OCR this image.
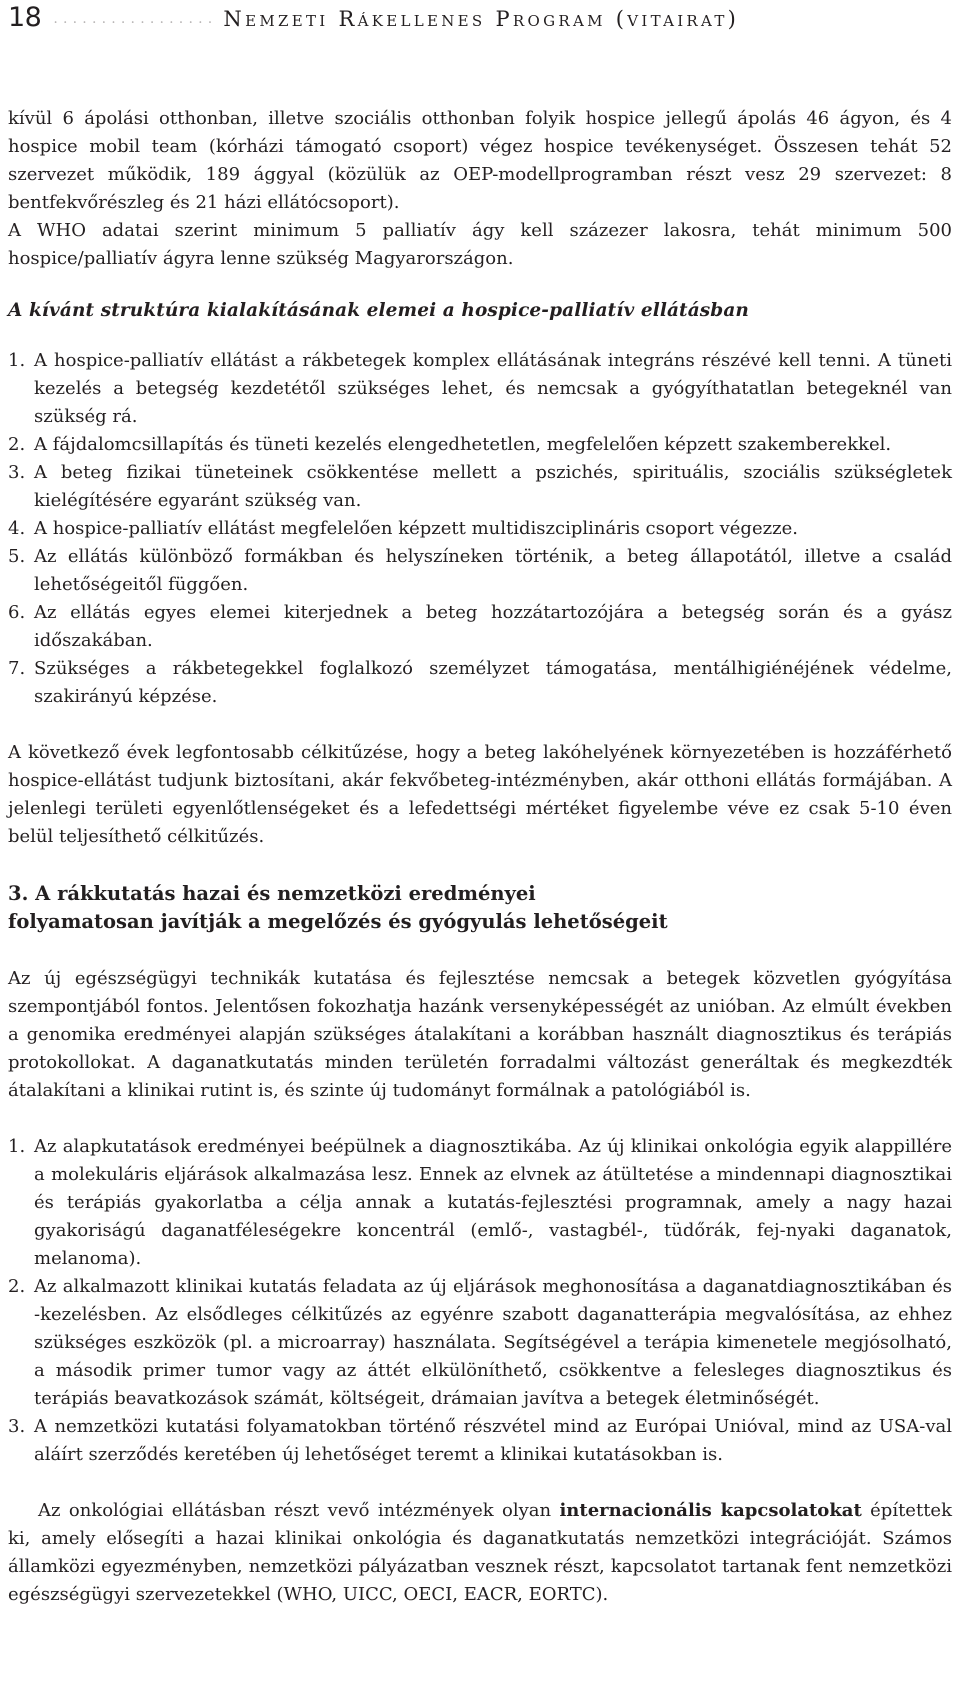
18 ................. Nemzeti Rákellenes Program (vitairat)

kívül 6 ápolási otthonban, illetve szociális otthonban folyik hospice jellegű ápolás 46 ágyon, és 4 hospice mobil team (kórházi támogató csoport) végez hospice tevékenységet. Összesen tehát 52 szervezet működik, 189 ággyal (közülük az OEP-modellprogramban részt vesz 29 szervezet: 8 bentfekvőrészleg és 21 házi ellátócsoport).

A WHO adatai szerint minimum 5 palliatív ágy kell százezer lakosra, tehát minimum 500 hospice/palliatív ágyra lenne szükség Magyarországon.

A kívánt struktúra kialakításának elemei a hospice-palliatív ellátásban
1. A hospice-palliatív ellátást a rákbetegek komplex ellátásának integráns részévé kell tenni. A tüneti kezelés a betegség kezdetétől szükséges lehet, és nemcsak a gyógyíthatatlan betegeknél van szükség rá.
2. A fájdalomcsillapítás és tüneti kezelés elengedhetetlen, megfelelően képzett szakemberekkel.
3. A beteg fizikai tüneteinek csökkentése mellett a pszichés, spirituális, szociális szükségletek kielégítésére egyaránt szükség van.
4. A hospice-palliatív ellátást megfelelően képzett multidiszciplináris csoport végezze.
5. Az ellátás különböző formákban és helyszíneken történik, a beteg állapotától, illetve a család lehetőségeitől függően.
6. Az ellátás egyes elemei kiterjednek a beteg hozzátartozójára a betegség során és a gyász időszakában.
7. Szükséges a rákbetegekkel foglalkozó személyzet támogatása, mentálhigiénéjének védelme, szakirányú képzése.

A következő évek legfontosabb célkitűzése, hogy a beteg lakóhelyének környezetében is hozzáférhető hospice-ellátást tudjunk biztosítani, akár fekvőbeteg-intézményben, akár otthoni ellátás formájában. A jelenlegi területi egyenlőtlenségeket és a lefedettségi mértéket figyelembe véve ez csak 5-10 éven belül teljesíthető célkitűzés.

3. A rákkutatás hazai és nemzetközi eredményei
folyamatosan javítják a megelőzés és gyógyulás lehetőségeit

Az új egészségügyi technikák kutatása és fejlesztése nemcsak a betegek közvetlen gyógyítása szempontjából fontos. Jelentősen fokozhatja hazánk versenyképességét az unióban. Az elmúlt években a genomika eredményei alapján szükséges átalakítani a korábban használt diagnosztikus és terápiás protokollokat. A daganatkutatás minden területén forradalmi változást generáltak és megkezdték átalakítani a klinikai rutint is, és szinte új tudományt formálnak a patológiából is.

1. Az alapkutatások eredményei beépülnek a diagnosztikába. Az új klinikai onkológia egyik alappillére a molekuláris eljárások alkalmazása lesz. Ennek az elvnek az átültetése a mindennapi diagnosztikai és terápiás gyakorlatba a célja annak a kutatás-fejlesztési programnak, amely a nagy hazai gyakoriságú daganatféleségekre koncentrál (emlő-, vastagbél-, tüdőrák, fej-nyaki daganatok, melanoma).
2. Az alkalmazott klinikai kutatás feladata az új eljárások meghonosítása a daganatdiagnosztikában és -kezelésben. Az elsődleges célkitűzés az egyénre szabott daganatterápia megvalósítása, az ehhez szükséges eszközök (pl. a microarray) használata. Segítségével a terápia kimenetele megjósolható, a második primer tumor vagy az áttét elkülöníthető, csökkentve a felesleges diagnosztikus és terápiás beavatkozások számát, költségeit, drámaian javítva a betegek életminőségét.
3. A nemzetközi kutatási folyamatokban történő részvétel mind az Európai Unióval, mind az USA-val aláírt szerződés keretében új lehetőséget teremt a klinikai kutatásokban is.

Az onkológiai ellátásban részt vevő intézmények olyan internacionális kapcsolatokat építettek ki, amely elősegíti a hazai klinikai onkológia és daganatkutatás nemzetközi integrációját. Számos államközi egyezményben, nemzetközi pályázatban vesznek részt, kapcsolatot tartanak fent nemzetközi egészségügyi szervezetekkel (WHO, UICC, OECI, EACR, EORTC).
